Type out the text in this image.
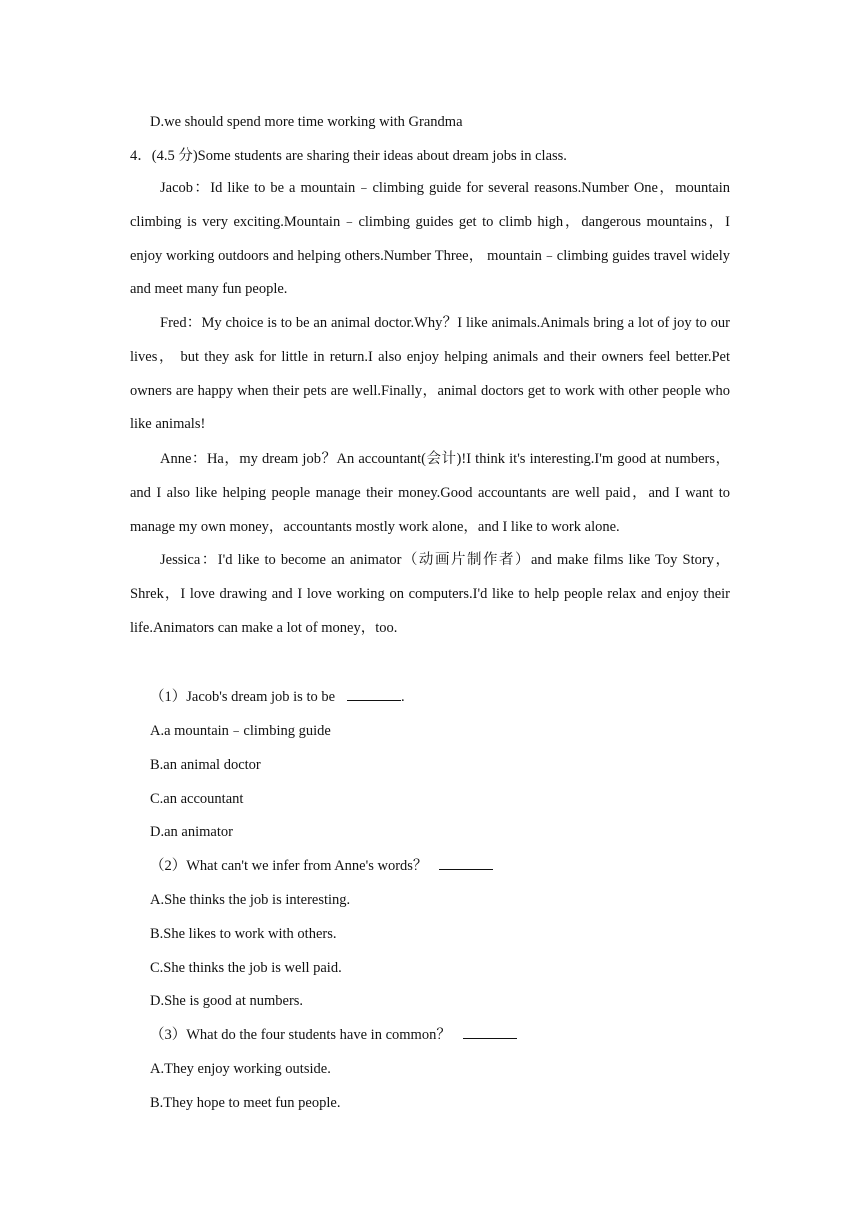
D.we should spend more time working with Grandma
4．(4.5 分)Some students are sharing their ideas about dream jobs in class.
Jacob：Id like to be a mountain﹣climbing guide for several reasons.Number One，mountain climbing is very exciting.Mountain﹣climbing guides get to climb high，dangerous mountains，I enjoy working outdoors and helping others.Number Three， mountain﹣climbing guides travel widely and meet many fun people.
Fred：My choice is to be an animal doctor.Why？I like animals.Animals bring a lot of joy to our lives， but they ask for little in return.I also enjoy helping animals and their owners feel better.Pet owners are happy when their pets are well.Finally，animal doctors get to work with other people who like animals!
Anne：Ha，my dream job？An accountant(会计)!I think it's interesting.I'm good at numbers，and I also like helping people manage their money.Good accountants are well paid，and I want to manage my own money，accountants mostly work alone，and I like to work alone.
Jessica：I'd like to become an animator（动画片制作者）and make films like Toy Story，Shrek，I love drawing and I love working on computers.I'd like to help people relax and enjoy their life.Animators can make a lot of money，too.
（1）Jacob's dream job is to be	.
A.a mountain﹣climbing guide
B.an animal doctor
C.an accountant
D.an animator
（2）What can't we infer from Anne's words？
A.She thinks the job is interesting.
B.She likes to work with others.
C.She thinks the job is well paid.
D.She is good at numbers.
（3）What do the four students have in common？
A.They enjoy working outside.
B.They hope to meet fun people.
